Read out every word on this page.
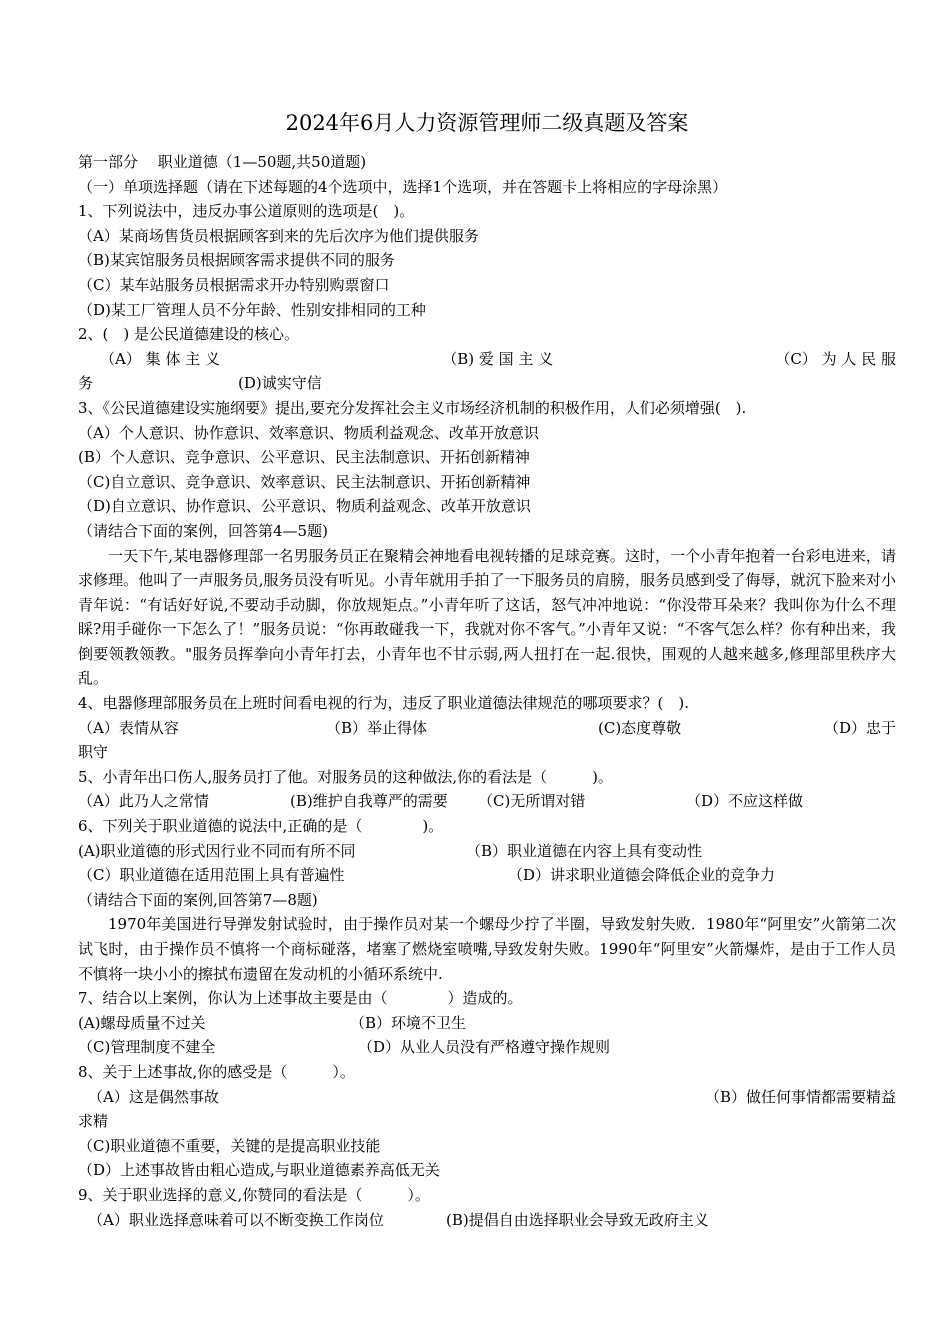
2024年6月人力资源管理师二级真题及答案
第一部分　 职业道德（1—50题,共50道题)
（一）单项选择题（请在下述每题的4个选项中，选择1个选项，并在答题卡上将相应的字母涂黑）
1、下列说法中，违反办事公道原则的选项是(　)。
（A）某商场售货员根据顾客到来的先后次序为他们提供服务
（B)某宾馆服务员根据顾客需求提供不同的服务
（C）某车站服务员根据需求开办特别购票窗口
（D)某工厂管理人员不分年龄、性别安排相同的工种
2、(　) 是公民道德建设的核心。
（A） 集 体 主 义	（B) 爱 国 主 义	（C） 为 人 民 服
务	(D)诚实守信
3、《公民道德建设实施纲要》提出,要充分发挥社会主义市场经济机制的积极作用，人们必须增强(　).
（A）个人意识、协作意识、效率意识、物质利益观念、改革开放意识
(B）个人意识、竞争意识、公平意识、民主法制意识、开拓创新精神
（C)自立意识、竞争意识、效率意识、民主法制意识、开拓创新精神
（D)自立意识、协作意识、公平意识、物质利益观念、改革开放意识
（请结合下面的案例，回答第4—5题)
一天下午,某电器修理部一名男服务员正在聚精会神地看电视转播的足球竞赛。这时，一个小青年抱着一台彩电进来，请求修理。他叫了一声服务员,服务员没有听见。小青年就用手拍了一下服务员的肩膀，服务员感到受了侮辱，就沉下脸来对小青年说：“有话好好说,不要动手动脚，你放规矩点。”小青年听了这话，怒气冲冲地说：“你没带耳朵来？我叫你为什么不理睬?用手碰你一下怎么了！”服务员说：“你再敢碰我一下，我就对你不客气。”小青年又说：“不客气怎么样？你有种出来，我倒要领教领教。"服务员挥拳向小青年打去，小青年也不甘示弱,两人扭打在一起.很快，围观的人越来越多,修理部里秩序大乱。
4、电器修理部服务员在上班时间看电视的行为，违反了职业道德法律规范的哪项要求？(　).
（A）表情从容	（B）举止得体	(C)态度尊敬	（D）忠于
职守
5、小青年出口伤人,服务员打了他。对服务员的这种做法,你的看法是（　　　)。
（A）此乃人之常情	(B)维护自我尊严的需要	（C)无所谓对错	（D）不应这样做
6、下列关于职业道德的说法中,正确的是（　　　　)。
(A)职业道德的形式因行业不同而有所不同	（B）职业道德在内容上具有变动性
（C）职业道德在适用范围上具有普遍性	（D）讲求职业道德会降低企业的竞争力
（请结合下面的案例,回答第7—8题)
1970年美国进行导弹发射试验时，由于操作员对某一个螺母少拧了半圈，导致发射失败．1980年“阿里安”火箭第二次试飞时，由于操作员不慎将一个商标碰落，堵塞了燃烧室喷嘴,导致发射失败。1990年“阿里安”火箭爆炸，是由于工作人员不慎将一块小小的擦拭布遗留在发动机的小循环系统中.
7、结合以上案例，你认为上述事故主要是由（　　　　）造成的。
(A)螺母质量不过关	（B）环境不卫生
（C)管理制度不建全	（D）从业人员没有严格遵守操作规则
8、关于上述事故,你的感受是（　　　）。
（A）这是偶然事故	（B）做任何事情都需要精益
求精
（C)职业道德不重要，关键的是提高职业技能
（D）上述事故皆由粗心造成,与职业道德素养高低无关
9、关于职业选择的意义,你赞同的看法是（　　　）。
（A）职业选择意味着可以不断变换工作岗位	(B)提倡自由选择职业会导致无政府主义
